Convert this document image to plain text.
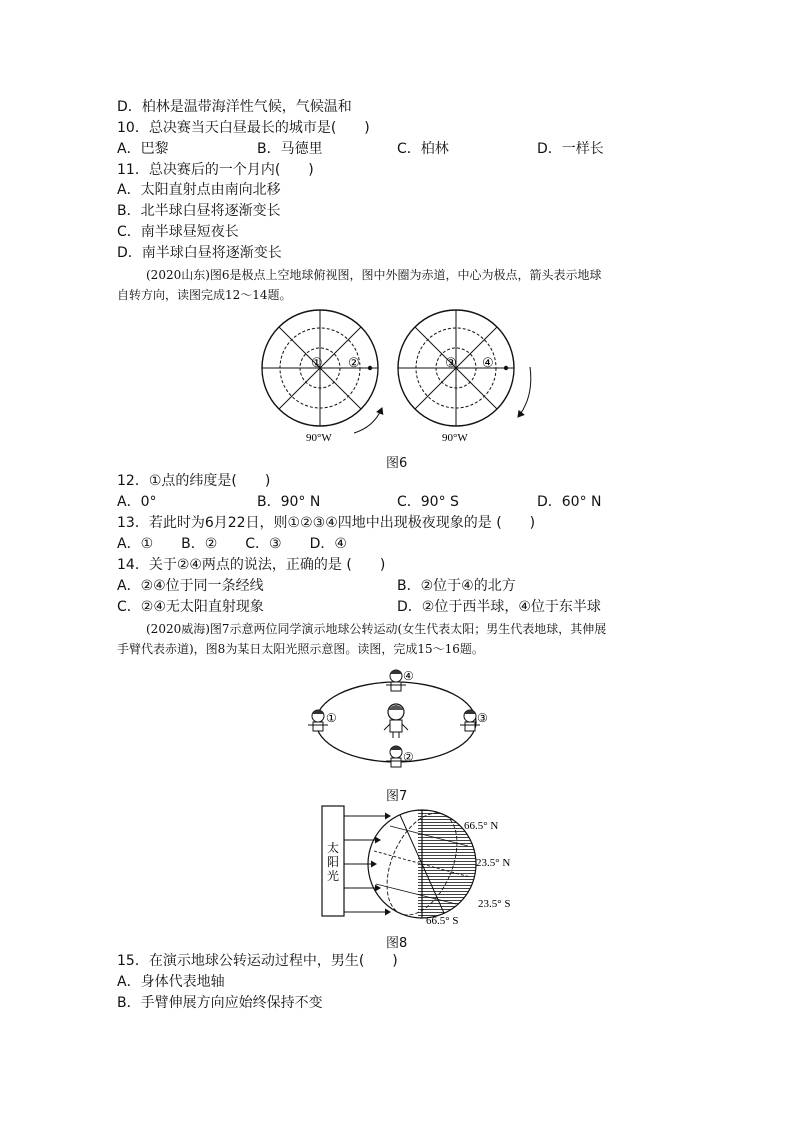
D．柏林是温带海洋性气候，气候温和
10．总决赛当天白昼最长的城市是(　　)
A．巴黎	B．马德里	C．柏林	D．一样长
11．总决赛后的一个月内(　　)
A．太阳直射点由南向北移
B．北半球白昼将逐渐变长
C．南半球昼短夜长
D．南半球白昼将逐渐变长
(2020山东)图6是极点上空地球俯视图，图中外圈为赤道，中心为极点，箭头表示地球
自转方向，读图完成12～14题。
① ②
90°W
③ ④
90°W
图6
12．①点的纬度是(　　)
A．0°	B．90° N	C．90° S	D．60° N
13．若此时为6月22日，则①②③④四地中出现极夜现象的是 (　　)
A．①　　B．②　　C．③　　D．④
14．关于②④两点的说法，正确的是 (　　)
A．②④位于同一条经线	B．②位于④的北方
C．②④无太阳直射现象	D．②位于西半球，④位于东半球
(2020威海)图7示意两位同学演示地球公转运动(女生代表太阳；男生代表地球，其伸展
手臂代表赤道)，图8为某日太阳光照示意图。读图，完成15～16题。
④
②
①	③
图7
太
阳
光
66.5° N
23.5° N
23.5° S
66.5° S
图8
15．在演示地球公转运动过程中，男生(　　)
A．身体代表地轴
B．手臂伸展方向应始终保持不变
